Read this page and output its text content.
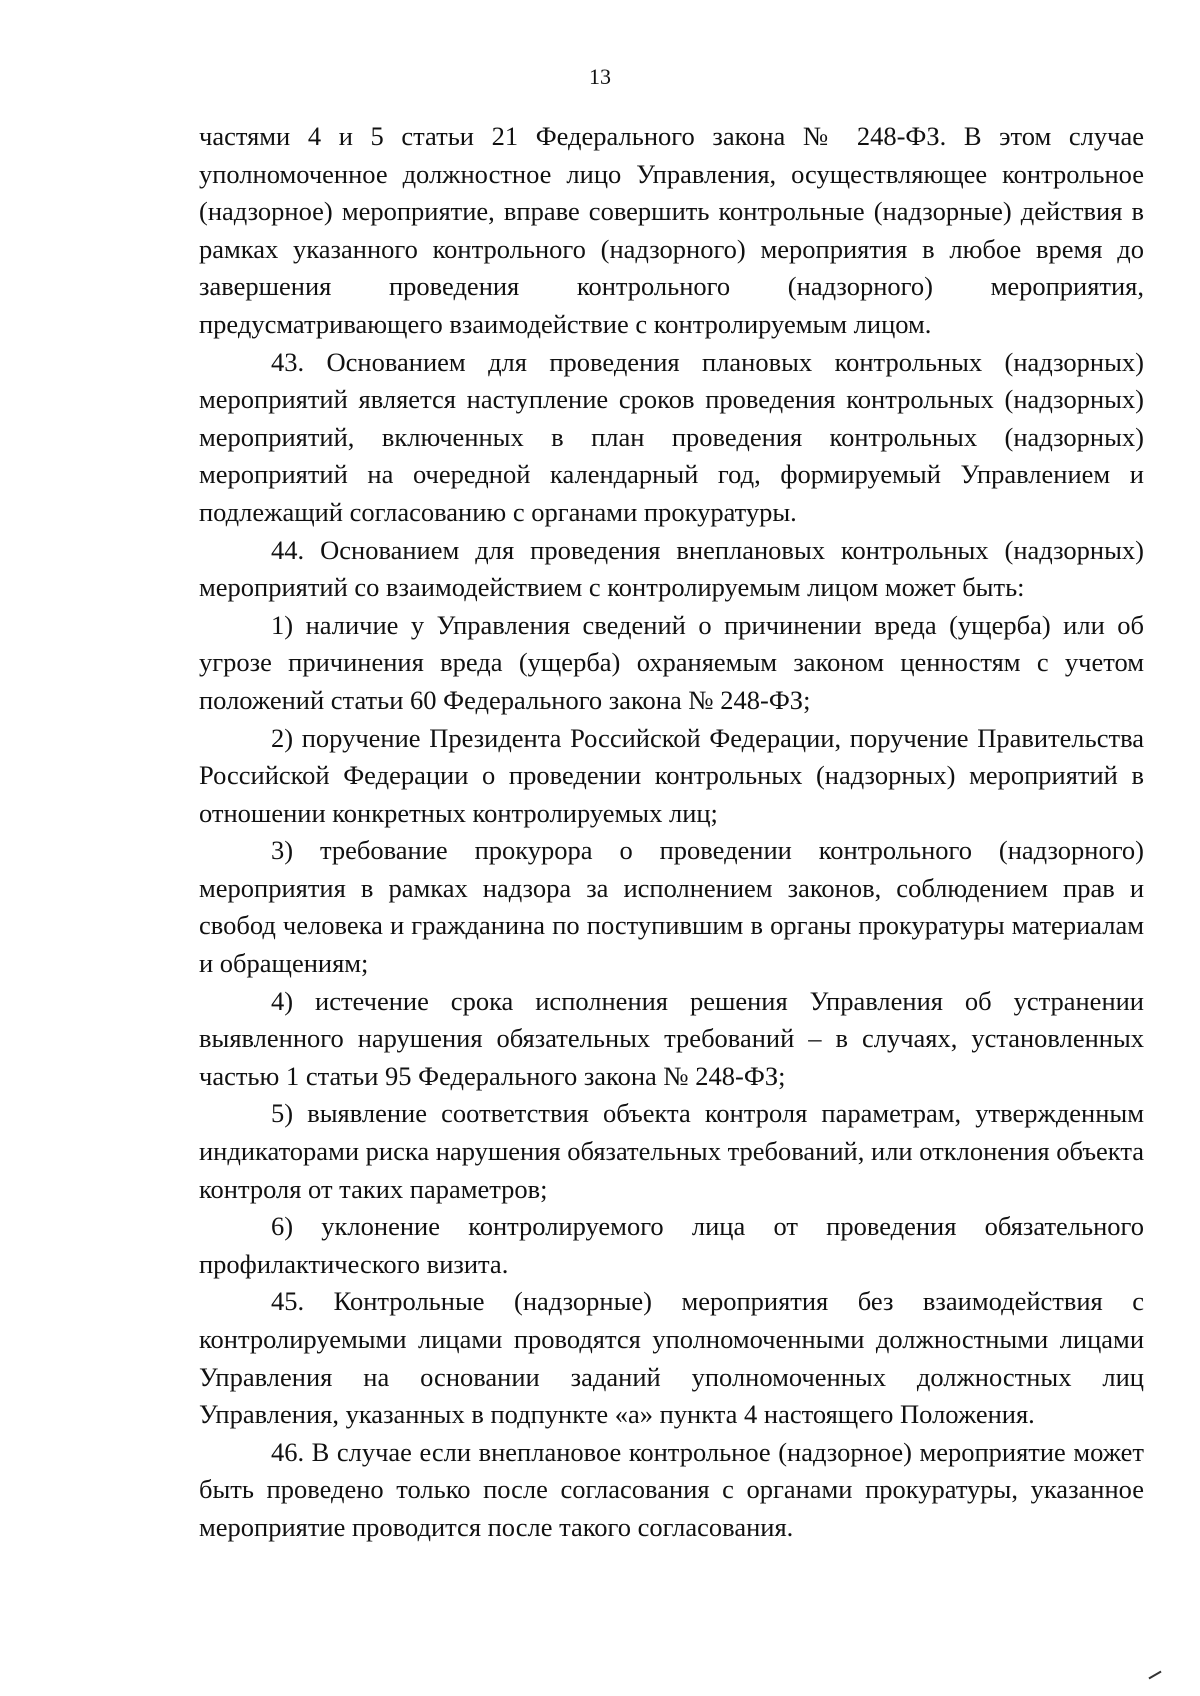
13

частями 4 и 5 статьи 21 Федерального закона № 248-ФЗ. В этом случае уполномоченное должностное лицо Управления, осуществляющее контрольное (надзорное) мероприятие, вправе совершить контрольные (надзорные) действия в рамках указанного контрольного (надзорного) мероприятия в любое время до завершения проведения контрольного (надзорного) мероприятия, предусматривающего взаимодействие с контролируемым лицом.

43. Основанием для проведения плановых контрольных (надзорных) мероприятий является наступление сроков проведения контрольных (надзорных) мероприятий, включенных в план проведения контрольных (надзорных) мероприятий на очередной календарный год, формируемый Управлением и подлежащий согласованию с органами прокуратуры.

44. Основанием для проведения внеплановых контрольных (надзорных) мероприятий со взаимодействием с контролируемым лицом может быть:

1) наличие у Управления сведений о причинении вреда (ущерба) или об угрозе причинения вреда (ущерба) охраняемым законом ценностям с учетом положений статьи 60 Федерального закона № 248-ФЗ;

2) поручение Президента Российской Федерации, поручение Правительства Российской Федерации о проведении контрольных (надзорных) мероприятий в отношении конкретных контролируемых лиц;

3) требование прокурора о проведении контрольного (надзорного) мероприятия в рамках надзора за исполнением законов, соблюдением прав и свобод человека и гражданина по поступившим в органы прокуратуры материалам и обращениям;

4) истечение срока исполнения решения Управления об устранении выявленного нарушения обязательных требований – в случаях, установленных частью 1 статьи 95 Федерального закона № 248-ФЗ;

5) выявление соответствия объекта контроля параметрам, утвержденным индикаторами риска нарушения обязательных требований, или отклонения объекта контроля от таких параметров;

6) уклонение контролируемого лица от проведения обязательного профилактического визита.

45. Контрольные (надзорные) мероприятия без взаимодействия с контролируемыми лицами проводятся уполномоченными должностными лицами Управления на основании заданий уполномоченных должностных лиц Управления, указанных в подпункте «а» пункта 4 настоящего Положения.

46. В случае если внеплановое контрольное (надзорное) мероприятие может быть проведено только после согласования с органами прокуратуры, указанное мероприятие проводится после такого согласования.
